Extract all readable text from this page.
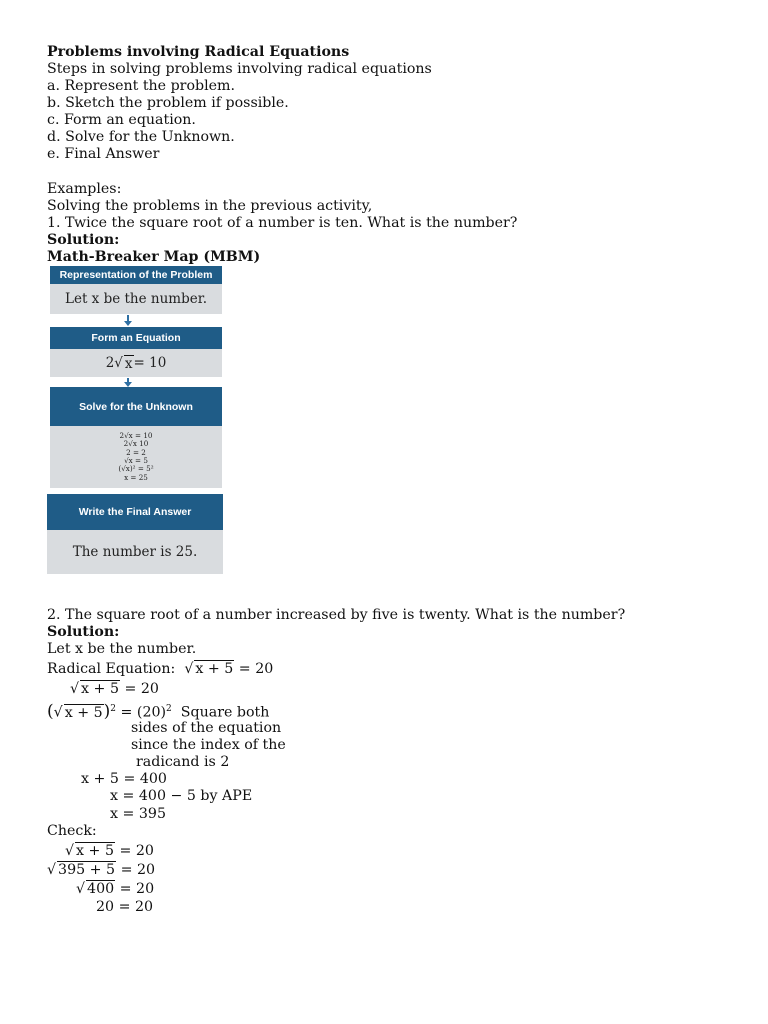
Problems involving Radical Equations
Steps in solving problems involving radical equations
a. Represent the problem.
b. Sketch the problem if possible.
c. Form an equation.
d. Solve for the Unknown.
e. Final Answer
Examples:
Solving the problems in the previous activity,
1. Twice the square root of a number is ten. What is the number?
Solution:
Math-Breaker Map (MBM)
Representation of the Problem
Let x be the number.
Form an Equation
2 √ x = 10
Solve for the Unknown
2√x = 10
2√x 10
2 = 2
√x = 5
(√x)² = 5²
x = 25
Write the Final Answer
The number is 25.
2. The square root of a number increased by five is twenty. What is the number?
Solution:
Let x be the number.
Radical Equation: √ x + 5 = 20
√ x + 5 = 20
(√ $x + 5)^2 = (20)^2$ Square both
sides of the equation
since the index of the
radicand is 2
x + 5 = 400
x = 400 − 5 by APE
x = 395
Check:
√ x + 5 = 20
√ 395 + 5 = 20
√ 400 = 20
20 = 20
